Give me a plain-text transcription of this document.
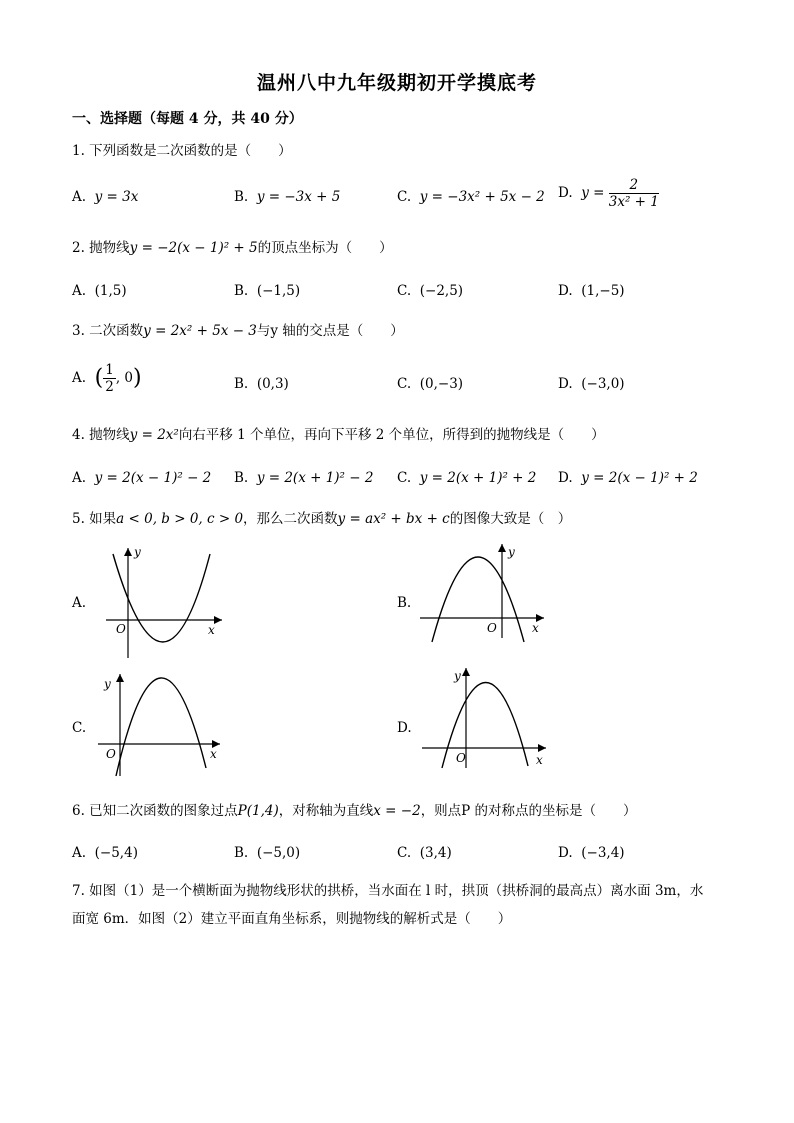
温州八中九年级期初开学摸底考
一、选择题（每题 4 分，共 40 分）
1. 下列函数是二次函数的是（　　）
A. y = 3x	B. y = −3x + 5	C. y = −3x² + 5x − 2 D. $y = \frac{2}{\text{3x² + 1}}$
2. 抛物线y = −2(x − 1)² + 5的顶点坐标为（　　）
A. (1,5)	B. (−1,5)	C. (−2,5)	D. (1,−5)
3. 二次函数y = 2x² + 5x − 3与y 轴的交点是（　　）
A. ( $\frac{1}{2}$ , 0)	B. (0,3)	C. (0,−3)	D. (−3,0)
4. 抛物线y = 2x²向右平移 1 个单位，再向下平移 2 个单位，所得到的抛物线是（　　）
A. y = 2(x − 1)² − 2 B. y = 2(x + 1)² − 2 C. y = 2(x + 1)² + 2 D. y = 2(x − 1)² + 2
5. 如果a < 0, b > 0, c > 0，那么二次函数y = ax² + bx + c的图像大致是（　）
A.
y
x
O
B.
y
x
O
C.
y
x
O
D.
y
x
O
6. 已知二次函数的图象过点P(1,4)，对称轴为直线x = −2，则点P 的对称点的坐标是（　　）
A. (−5,4)	B. (−5,0)	C. (3,4)	D. (−3,4)
7. 如图（1）是一个横断面为抛物线形状的拱桥，当水面在 l 时，拱顶（拱桥洞的最高点）离水面 3m，水
面宽 6m．如图（2）建立平面直角坐标系，则抛物线的解析式是（　　）
